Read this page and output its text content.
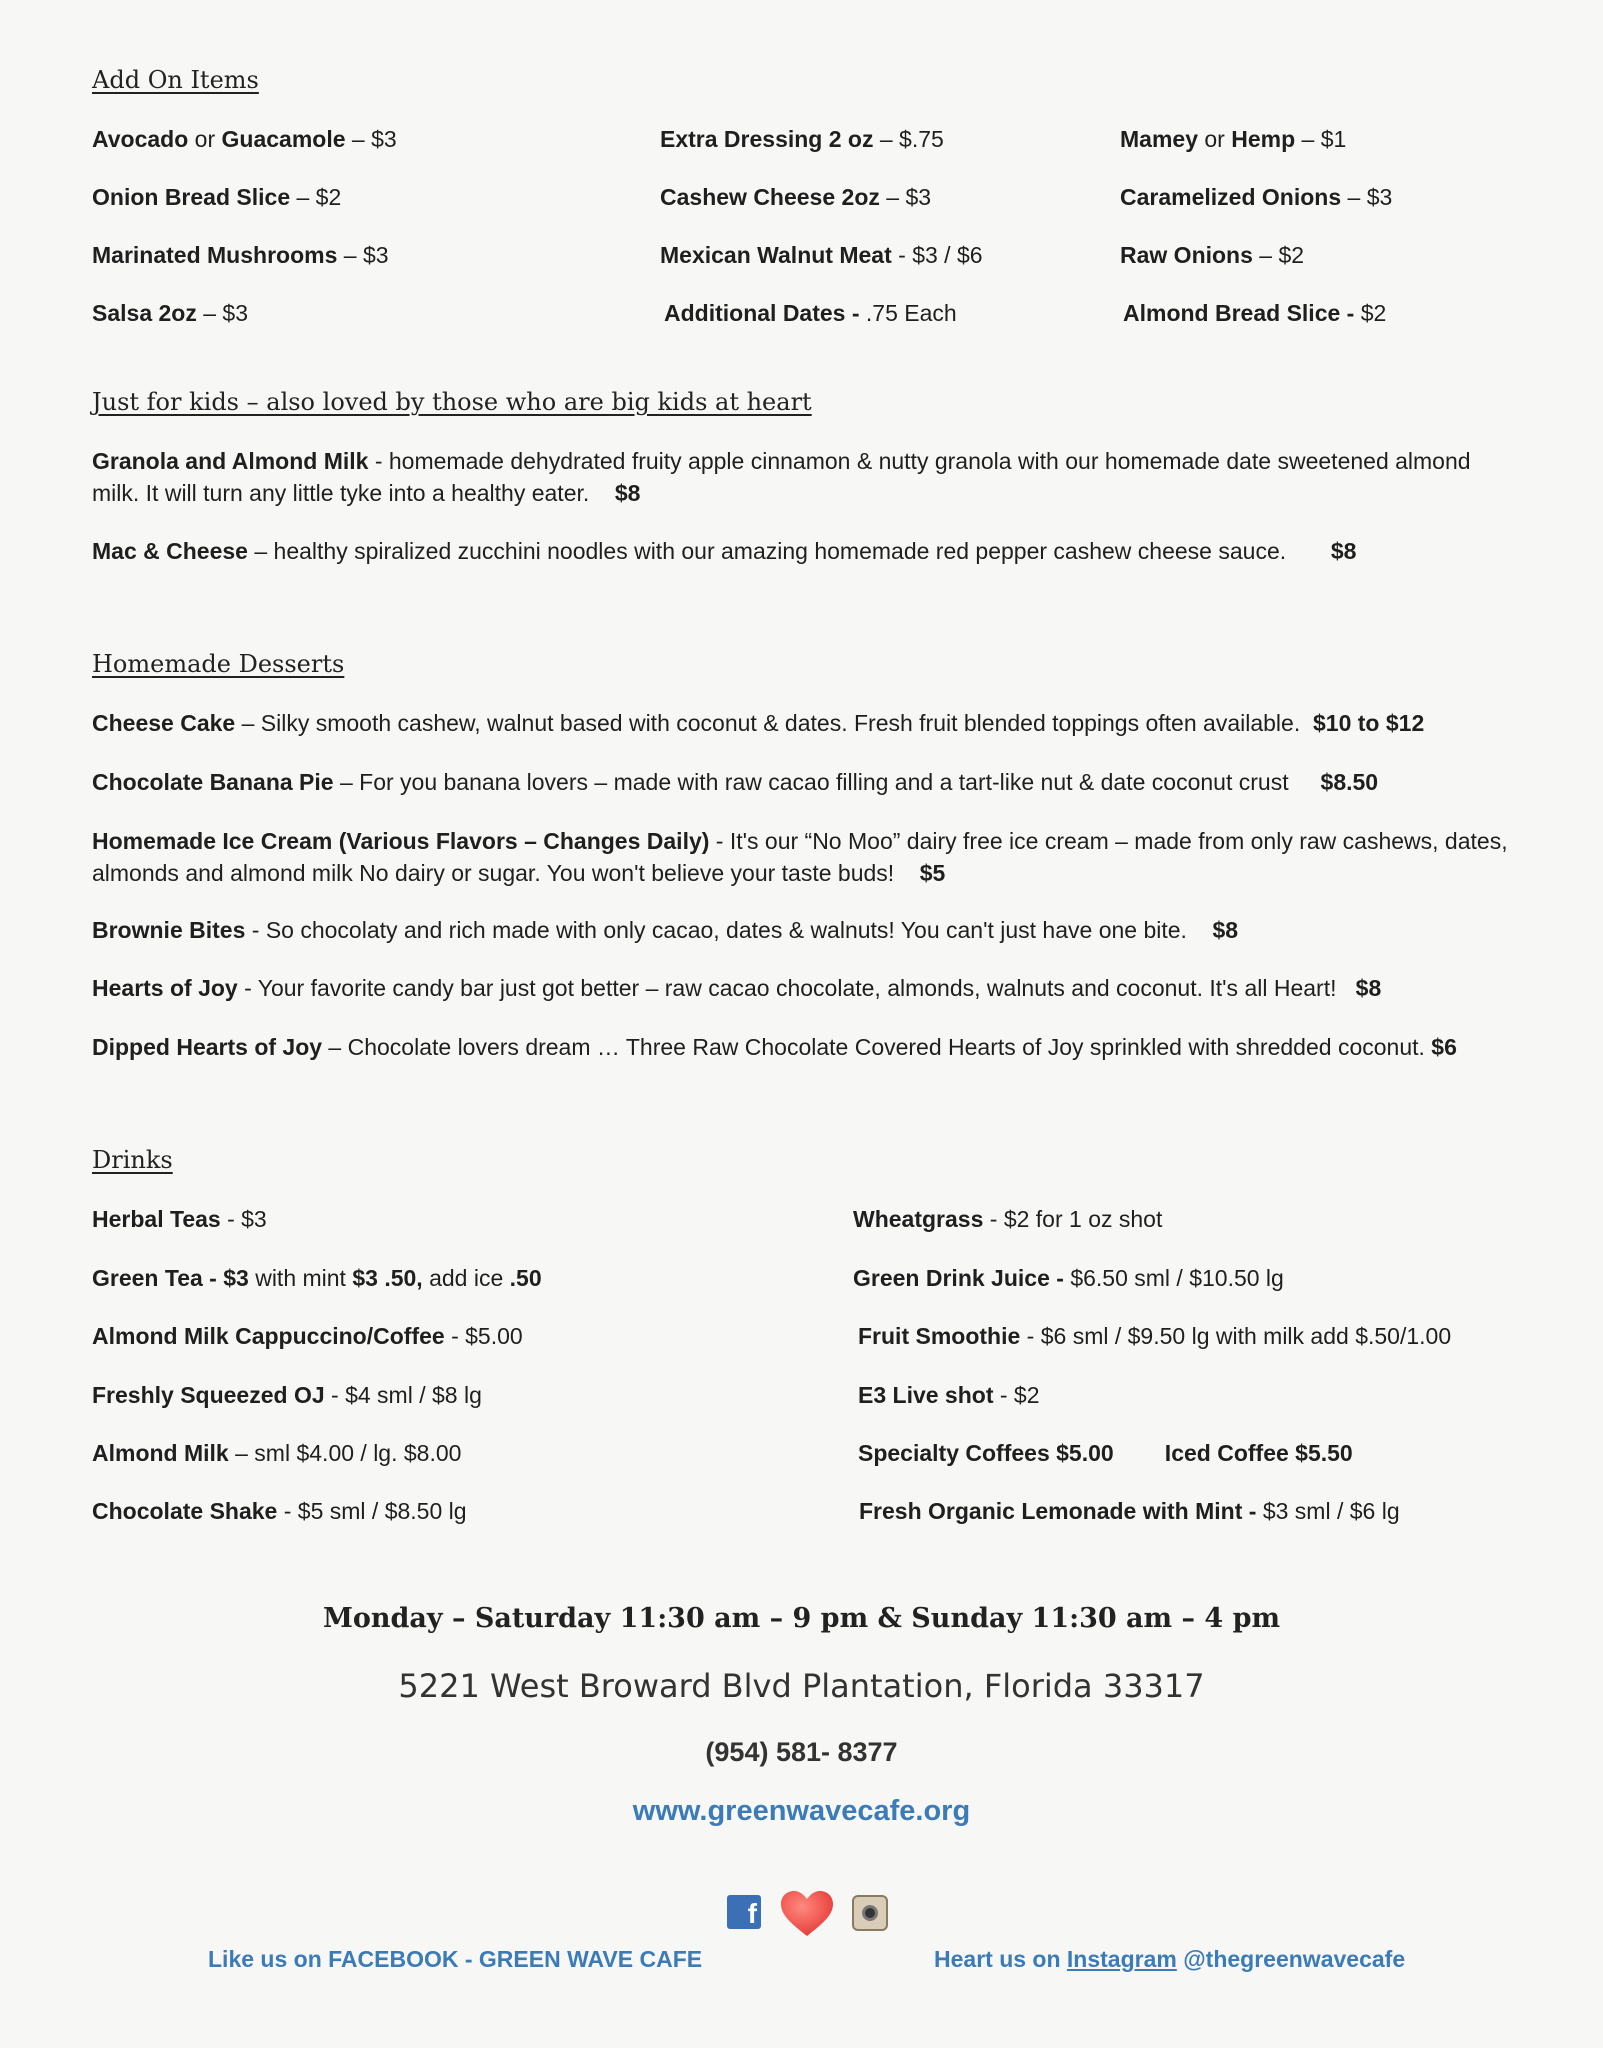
Add On Items
Avocado or Guacamole – $3
Onion Bread Slice – $2
Marinated Mushrooms – $3
Salsa 2oz – $3
Extra Dressing 2 oz – $.75
Cashew Cheese 2oz – $3
Mexican Walnut Meat - $3 / $6
Additional Dates - .75 Each
Mamey or Hemp – $1
Caramelized Onions – $3
Raw Onions – $2
Almond Bread Slice - $2
Just for kids – also loved by those who are big kids at heart
Granola and Almond Milk - homemade dehydrated fruity apple cinnamon & nutty granola with our homemade date sweetened almond milk. It will turn any little tyke into a healthy eater. $8
Mac & Cheese – healthy spiralized zucchini noodles with our amazing homemade red pepper cashew cheese sauce. $8
Homemade Desserts
Cheese Cake – Silky smooth cashew, walnut based with coconut & dates. Fresh fruit blended toppings often available. $10 to $12
Chocolate Banana Pie – For you banana lovers – made with raw cacao filling and a tart-like nut & date coconut crust $8.50
Homemade Ice Cream (Various Flavors – Changes Daily) - It's our “No Moo” dairy free ice cream – made from only raw cashews, dates, almonds and almond milk No dairy or sugar. You won't believe your taste buds! $5
Brownie Bites - So chocolaty and rich made with only cacao, dates & walnuts! You can't just have one bite. $8
Hearts of Joy - Your favorite candy bar just got better – raw cacao chocolate, almonds, walnuts and coconut. It's all Heart! $8
Dipped Hearts of Joy – Chocolate lovers dream … Three Raw Chocolate Covered Hearts of Joy sprinkled with shredded coconut. $6
Drinks
Herbal Teas - $3
Green Tea - $3 with mint $3 .50, add ice .50
Almond Milk Cappuccino/Coffee - $5.00
Freshly Squeezed OJ - $4 sml / $8 lg
Almond Milk – sml $4.00 / lg. $8.00
Chocolate Shake - $5 sml / $8.50 lg
Wheatgrass - $2 for 1 oz shot
Green Drink Juice - $6.50 sml / $10.50 lg
Fruit Smoothie - $6 sml / $9.50 lg with milk add $.50/1.00
E3 Live shot - $2
Specialty Coffees $5.00        Iced Coffee $5.50
Fresh Organic Lemonade with Mint - $3 sml / $6 lg
Monday – Saturday 11:30 am – 9 pm & Sunday 11:30 am – 4 pm
5221 West Broward Blvd Plantation, Florida 33317
(954) 581- 8377
www.greenwavecafe.org
f
Like us on FACEBOOK - GREEN WAVE CAFE	Heart us on Instagram @thegreenwavecafe
